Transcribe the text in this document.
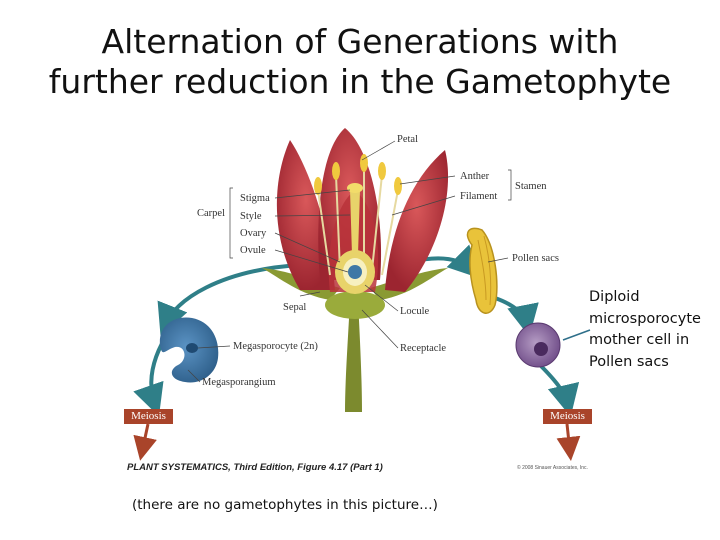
Alternation of Generations with
further reduction in the Gametophyte
Petal
Anther
Filament
Stamen
Stigma
Style
Carpel
Ovary
Ovule
Pollen sacs
Sepal	Locule
Receptacle
Megasporocyte (2n)
Megasporangium
Meiosis	Meiosis
PLANT SYSTEMATICS, Third Edition, Figure 4.17 (Part 1)	© 2008 Sinauer Associates, Inc.
Diploid
microsporocyte
mother cell in
Pollen sacs
(there are no gametophytes in this picture…)
